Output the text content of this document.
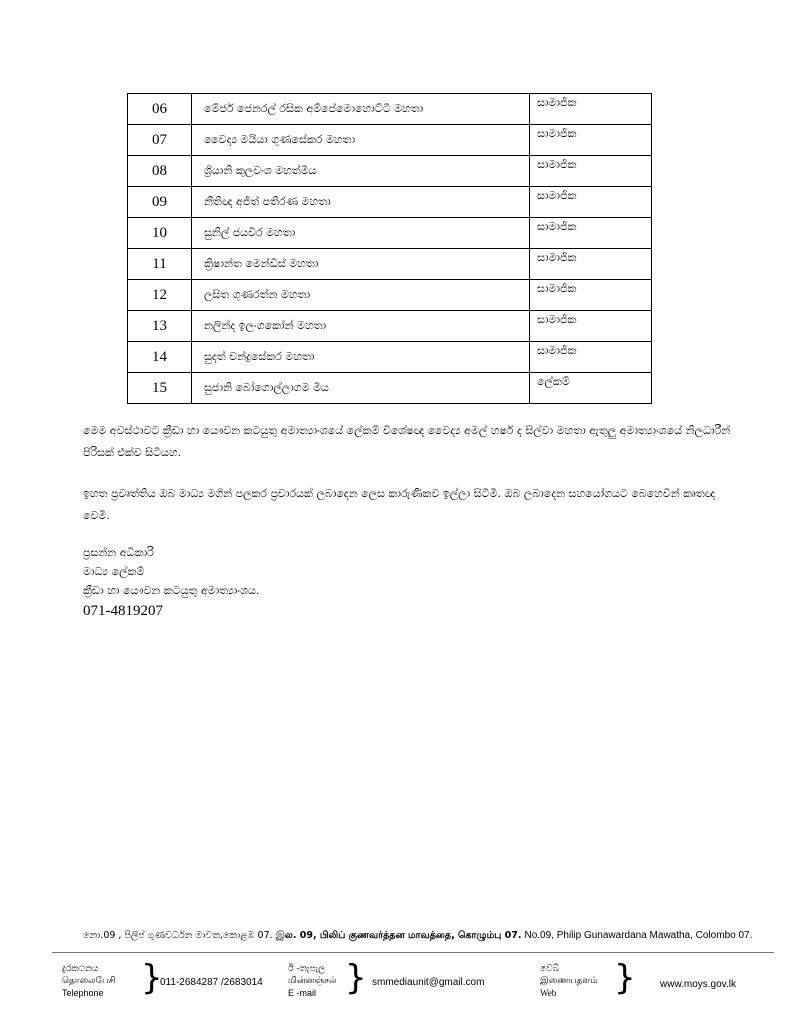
06	මේජර් ජෙනරල් රසික අම්පේමොහොට්ටි මහතා	සාමාජික
07	වෛද්‍ය මයියා ගුණසේකර මහතා	සාමාජික
08	ශ්‍රියානි කුලවංශ මහත්මිය	සාමාජික
09	නීතිඥ අජිත් පතිරණ මහතා	සාමාජික
10	සුනිල් ජයවීර මහතා	සාමාජික
11	ක්‍රිෂාන්ත මෙන්ඩිස් මහතා	සාමාජික
12	ලසිත ගුණරත්න මහතා	සාමාජික
13	නලින්ද ඉලංගකෝන් මහතා	සාමාජික
14	සුදත් චන්ද්‍රසේකර මහතා	සාමාජික
15	සුජානි බෝගොල්ලාගම මිය	ලේකම්

මෙම අවස්ථාවට ක්‍රීඩා හා යෞවන කටයුතු අමාත්‍යාංශයේ ලේකම් විශේෂඥ වෛද්‍ය අමල් හර්ෂ ද සිල්වා මහතා ඇතුලු අමාත්‍යාංශයේ නිලධාරීන් පිරිසක් එක්ව සිටියහ.

ඉහත ප්‍රවෘත්තිය ඔබ මාධ්‍ය මගින් පලකර ප්‍රචාරයක් ලබාදෙන ලෙස කාරුණිකව ඉල්ලා සිටිමි. ඔබ ලබාදෙන සහයෝගයට බෙහෙවින් කෘතඥ වෙමි.

ප්‍රසන්න අධිකාරි
මාධ්‍ය ලේකම්
ක්‍රීඩා හා යෞවන කටයුතු අමාත්‍යාංශය.
071-4819207
නො.09 , පිලිප් ගුණවර්ධන මාවත,කොළඹ 07. இல. 09, பிலிப் குணவர்த்தன மாவத்தை, கொழும்பு 07. No.09, Philip Gunawardana Mawatha, Colombo 07.
දුරකථනය
தொலைபேசி
Telephone	}
011-2684287 /2683014
ඊ -තැපැල
மின்னஞ்சல்
E -mail } smmediaunit@gmail.com
වෙබ්
இணையதளம்
Web	} www.moys.gov.lk
